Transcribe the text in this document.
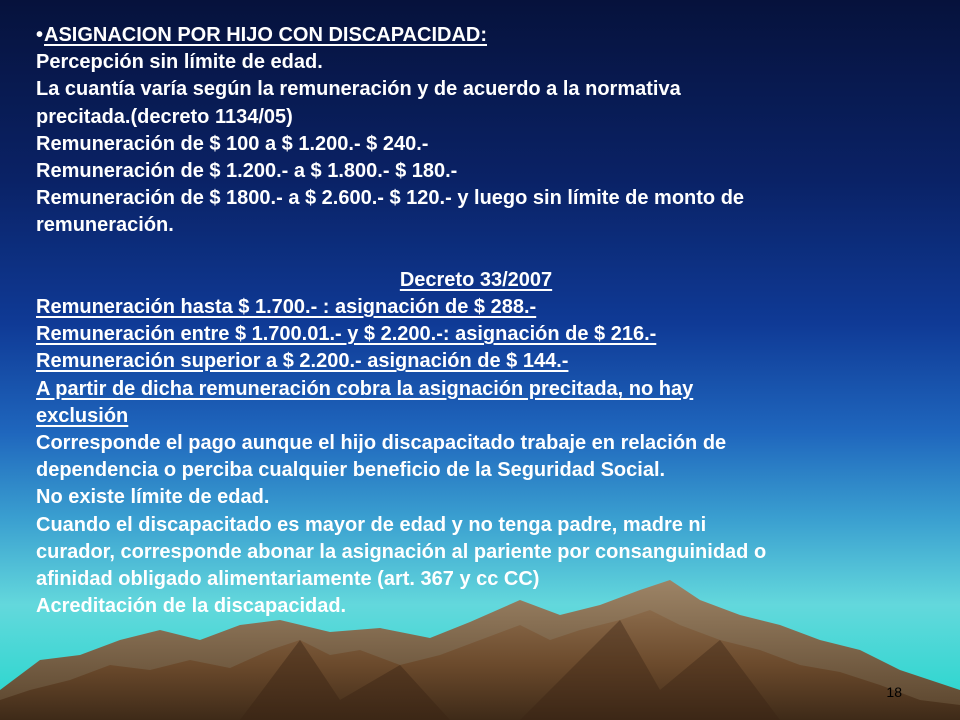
•ASIGNACION POR HIJO CON DISCAPACIDAD:
Percepción sin límite de edad.
La cuantía varía según la remuneración y de acuerdo a la normativa
precitada.(decreto 1134/05)
Remuneración de $ 100 a $ 1.200.- $ 240.-
Remuneración de $ 1.200.- a $ 1.800.- $ 180.-
Remuneración de $ 1800.- a $ 2.600.- $ 120.- y luego sin límite de monto de
remuneración.

Decreto 33/2007
Remuneración hasta $ 1.700.- : asignación de $ 288.-
Remuneración entre $ 1.700.01.- y $ 2.200.-: asignación de $ 216.-
Remuneración superior a $ 2.200.- asignación de $ 144.-
A partir de dicha remuneración cobra la asignación precitada, no hay
exclusión
Corresponde el pago aunque el hijo discapacitado trabaje en relación de
dependencia o perciba cualquier beneficio de la Seguridad Social.
No existe límite de edad.
Cuando el discapacitado es mayor de edad y no tenga padre, madre ni
curador, corresponde abonar la asignación al pariente por consanguinidad o
afinidad obligado alimentariamente (art. 367 y cc CC)
Acreditación de la discapacidad.
18
